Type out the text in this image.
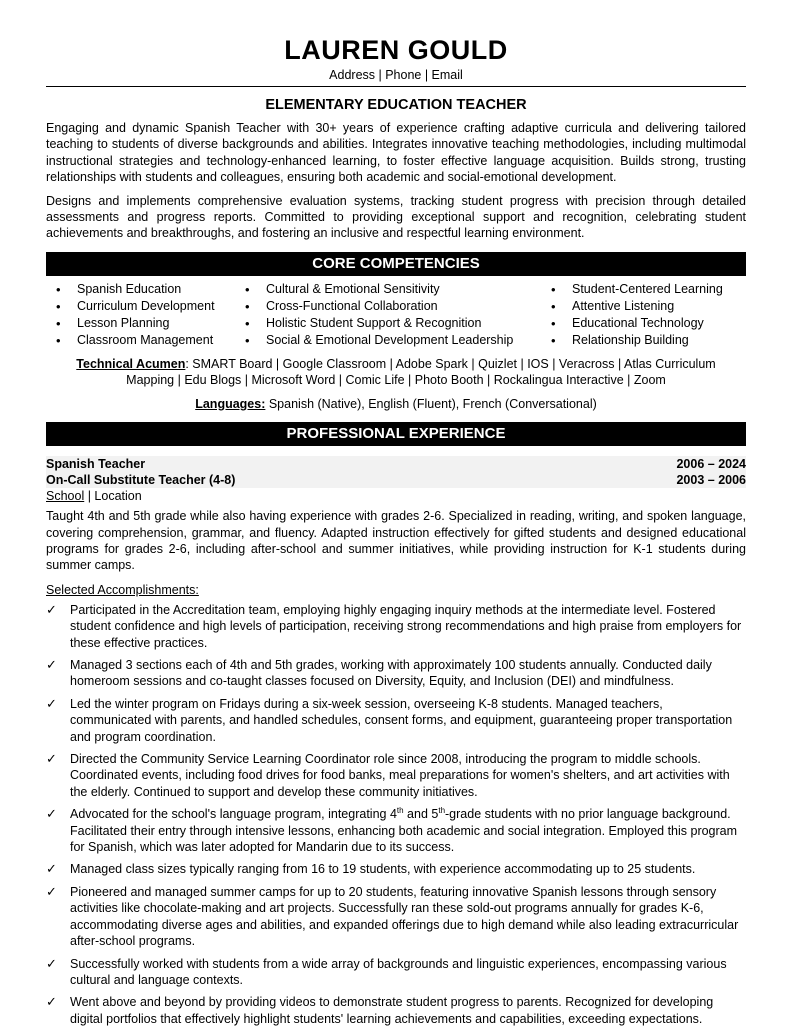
LAUREN GOULD
Address | Phone | Email
ELEMENTARY EDUCATION TEACHER

Engaging and dynamic Spanish Teacher with 30+ years of experience crafting adaptive curricula and delivering tailored teaching to students of diverse backgrounds and abilities. Integrates innovative teaching methodologies, including multimodal instructional strategies and technology-enhanced learning, to foster effective language acquisition. Builds strong, trusting relationships with students and colleagues, ensuring both academic and social-emotional development.

Designs and implements comprehensive evaluation systems, tracking student progress with precision through detailed assessments and progress reports. Committed to providing exceptional support and recognition, celebrating student achievements and breakthroughs, and fostering an inclusive and respectful learning environment.

CORE COMPETENCIES
• Spanish Education
• Curriculum Development
• Lesson Planning
• Classroom Management
• Cultural & Emotional Sensitivity
• Cross-Functional Collaboration
• Holistic Student Support & Recognition
• Social & Emotional Development Leadership
• Student-Centered Learning
• Attentive Listening
• Educational Technology
• Relationship Building
Technical Acumen: SMART Board | Google Classroom | Adobe Spark | Quizlet | IOS | Veracross | Atlas Curriculum Mapping | Edu Blogs | Microsoft Word | Comic Life | Photo Booth | Rockalingua Interactive | Zoom
Languages: Spanish (Native), English (Fluent), French (Conversational)
PROFESSIONAL EXPERIENCE
Spanish Teacher	2006 – 2024
On-Call Substitute Teacher (4-8)	2003 – 2006
School | Location

Taught 4th and 5th grade while also having experience with grades 2-6. Specialized in reading, writing, and spoken language, covering comprehension, grammar, and fluency. Adapted instruction effectively for gifted students and designed educational programs for grades 2-6, including after-school and summer initiatives, while providing instruction for K-1 students during summer camps.

Selected Accomplishments:
✓ Participated in the Accreditation team, employing highly engaging inquiry methods at the intermediate level. Fostered student confidence and high levels of participation, receiving strong recommendations and high praise from employers for these effective practices.
✓ Managed 3 sections each of 4th and 5th grades, working with approximately 100 students annually. Conducted daily homeroom sessions and co-taught classes focused on Diversity, Equity, and Inclusion (DEI) and mindfulness.
✓ Led the winter program on Fridays during a six-week session, overseeing K-8 students. Managed teachers, communicated with parents, and handled schedules, consent forms, and equipment, guaranteeing proper transportation and program coordination.
✓ Directed the Community Service Learning Coordinator role since 2008, introducing the program to middle schools. Coordinated events, including food drives for food banks, meal preparations for women's shelters, and art activities with the elderly. Continued to support and develop these community initiatives.
✓ Advocated for the school's language program, integrating 4th and 5th-grade students with no prior language background. Facilitated their entry through intensive lessons, enhancing both academic and social integration. Employed this program for Spanish, which was later adopted for Mandarin due to its success.
✓ Managed class sizes typically ranging from 16 to 19 students, with experience accommodating up to 25 students.
✓ Pioneered and managed summer camps for up to 20 students, featuring innovative Spanish lessons through sensory activities like chocolate-making and art projects. Successfully ran these sold-out programs annually for grades K-6, accommodating diverse ages and abilities, and expanded offerings due to high demand while also leading extracurricular after-school programs.
✓ Successfully worked with students from a wide array of backgrounds and linguistic experiences, encompassing various cultural and language contexts.
✓ Went above and beyond by providing videos to demonstrate student progress to parents. Recognized for developing digital portfolios that effectively highlight students' learning achievements and capabilities, exceeding expectations.
